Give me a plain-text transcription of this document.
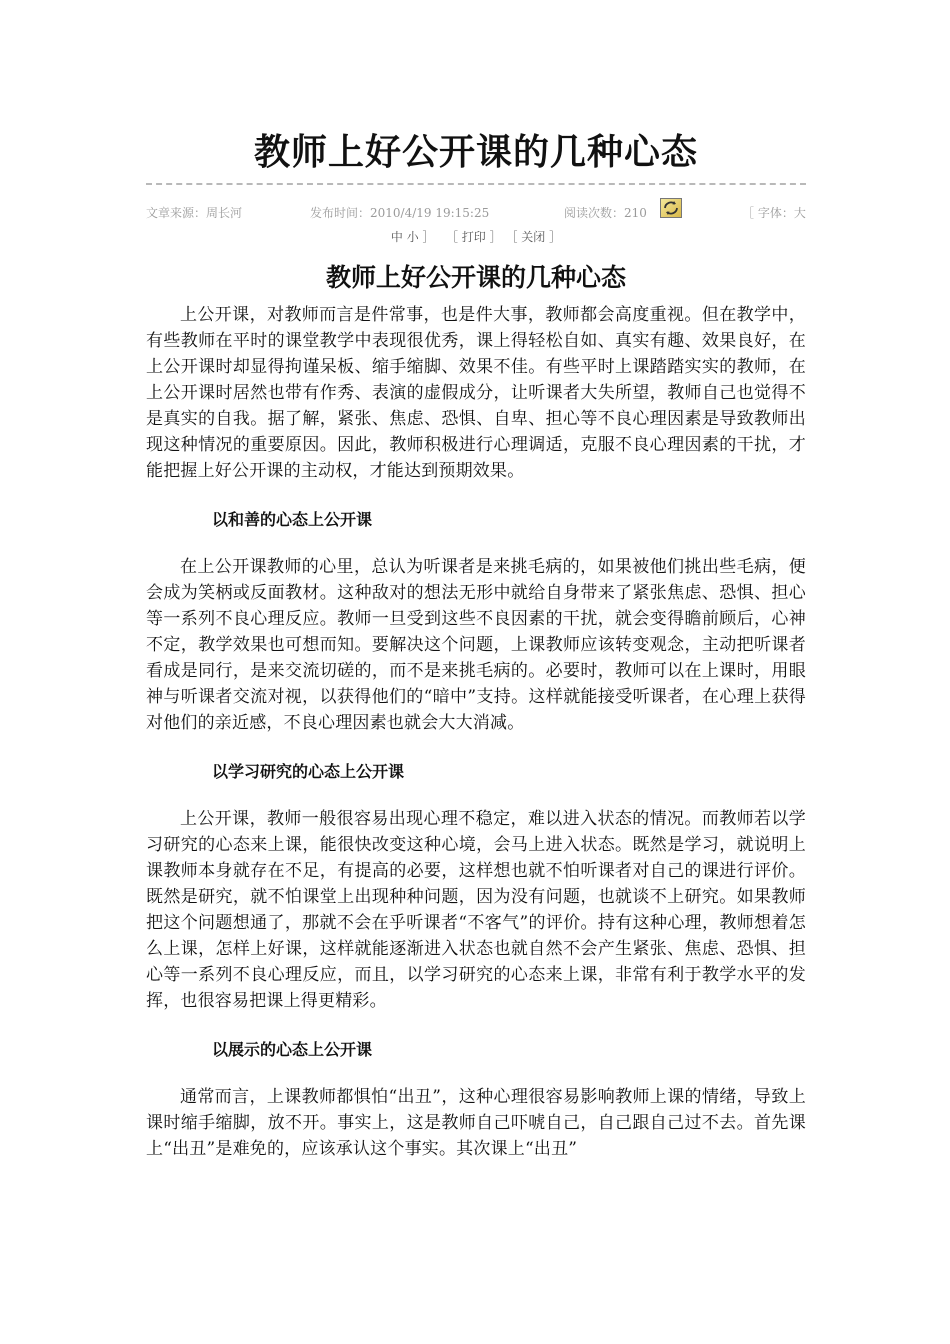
教师上好公开课的几种心态
文章来源：周长河	发布时间：2010/4/19 19:15:25	阅读次数：210	［ 字体：大
中 小 ］ ［ 打印 ］ ［ 关闭 ］
教师上好公开课的几种心态

上公开课，对教师而言是件常事，也是件大事，教师都会高度重视。但在教学中，有些教师在平时的课堂教学中表现很优秀，课上得轻松自如、真实有趣、效果良好，在上公开课时却显得拘谨呆板、缩手缩脚、效果不佳。有些平时上课踏踏实实的教师，在上公开课时居然也带有作秀、表演的虚假成分，让听课者大失所望，教师自己也觉得不是真实的自我。据了解，紧张、焦虑、恐惧、自卑、担心等不良心理因素是导致教师出现这种情况的重要原因。因此，教师积极进行心理调适，克服不良心理因素的干扰，才能把握上好公开课的主动权，才能达到预期效果。

以和善的心态上公开课

在上公开课教师的心里，总认为听课者是来挑毛病的，如果被他们挑出些毛病，便会成为笑柄或反面教材。这种敌对的想法无形中就给自身带来了紧张焦虑、恐惧、担心等一系列不良心理反应。教师一旦受到这些不良因素的干扰，就会变得瞻前顾后，心神不定，教学效果也可想而知。要解决这个问题，上课教师应该转变观念，主动把听课者看成是同行，是来交流切磋的，而不是来挑毛病的。必要时，教师可以在上课时，用眼神与听课者交流对视，以获得他们的“暗中”支持。这样就能接受听课者，在心理上获得对他们的亲近感，不良心理因素也就会大大消减。

以学习研究的心态上公开课

上公开课，教师一般很容易出现心理不稳定，难以进入状态的情况。而教师若以学习研究的心态来上课，能很快改变这种心境，会马上进入状态。既然是学习，就说明上课教师本身就存在不足，有提高的必要，这样想也就不怕听课者对自己的课进行评价。既然是研究，就不怕课堂上出现种种问题，因为没有问题，也就谈不上研究。如果教师把这个问题想通了，那就不会在乎听课者“不客气”的评价。持有这种心理，教师想着怎么上课，怎样上好课，这样就能逐渐进入状态也就自然不会产生紧张、焦虑、恐惧、担心等一系列不良心理反应，而且，以学习研究的心态来上课，非常有利于教学水平的发挥，也很容易把课上得更精彩。

以展示的心态上公开课

通常而言，上课教师都惧怕“出丑”，这种心理很容易影响教师上课的情绪，导致上课时缩手缩脚，放不开。事实上，这是教师自己吓唬自己，自己跟自己过不去。首先课上“出丑”是难免的，应该承认这个事实。其次课上“出丑”
